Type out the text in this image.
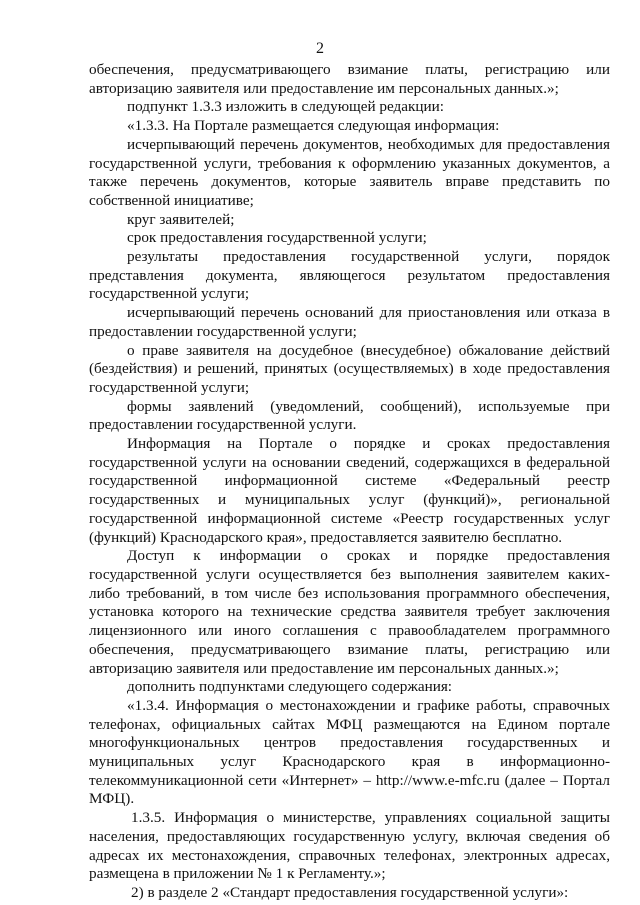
2

обеспечения, предусматривающего взимание платы, регистрацию или авторизацию заявителя или предоставление им персональных данных.»;

подпункт 1.3.3 изложить в следующей редакции:

«1.3.3. На Портале размещается следующая информация:

исчерпывающий перечень документов, необходимых для предоставления государственной услуги, требования к оформлению указанных документов, а также перечень документов, которые заявитель вправе представить по собственной инициативе;

круг заявителей;

срок предоставления государственной услуги;

результаты предоставления государственной услуги, порядок представления документа, являющегося результатом предоставления государственной услуги;

исчерпывающий перечень оснований для приостановления или отказа в предоставлении государственной услуги;

о праве заявителя на досудебное (внесудебное) обжалование действий (бездействия) и решений, принятых (осуществляемых) в ходе предоставления государственной услуги;

формы заявлений (уведомлений, сообщений), используемые при предоставлении государственной услуги.

Информация на Портале о порядке и сроках предоставления государственной услуги на основании сведений, содержащихся в федеральной государственной информационной системе «Федеральный реестр государственных и муниципальных услуг (функций)», региональной государственной информационной системе «Реестр государственных услуг (функций) Краснодарского края», предоставляется заявителю бесплатно.

Доступ к информации о сроках и порядке предоставления государственной услуги осуществляется без выполнения заявителем каких-либо требований, в том числе без использования программного обеспечения, установка которого на технические средства заявителя требует заключения лицензионного или иного соглашения с правообладателем программного обеспечения, предусматривающего взимание платы, регистрацию или авторизацию заявителя или предоставление им персональных данных.»;

дополнить подпунктами следующего содержания:

«1.3.4. Информация о местонахождении и графике работы, справочных телефонах, официальных сайтах МФЦ размещаются на Едином портале многофункциональных центров предоставления государственных и муниципальных услуг Краснодарского края в информационно-телекоммуникационной сети «Интернет» – http://www.e-mfc.ru (далее – Портал МФЦ).

1.3.5. Информация о министерстве, управлениях социальной защиты населения, предоставляющих государственную услугу, включая сведения об адресах их местонахождения, справочных телефонах, электронных адресах, размещена в приложении № 1 к Регламенту.»;

2) в разделе 2 «Стандарт предоставления государственной услуги»:
